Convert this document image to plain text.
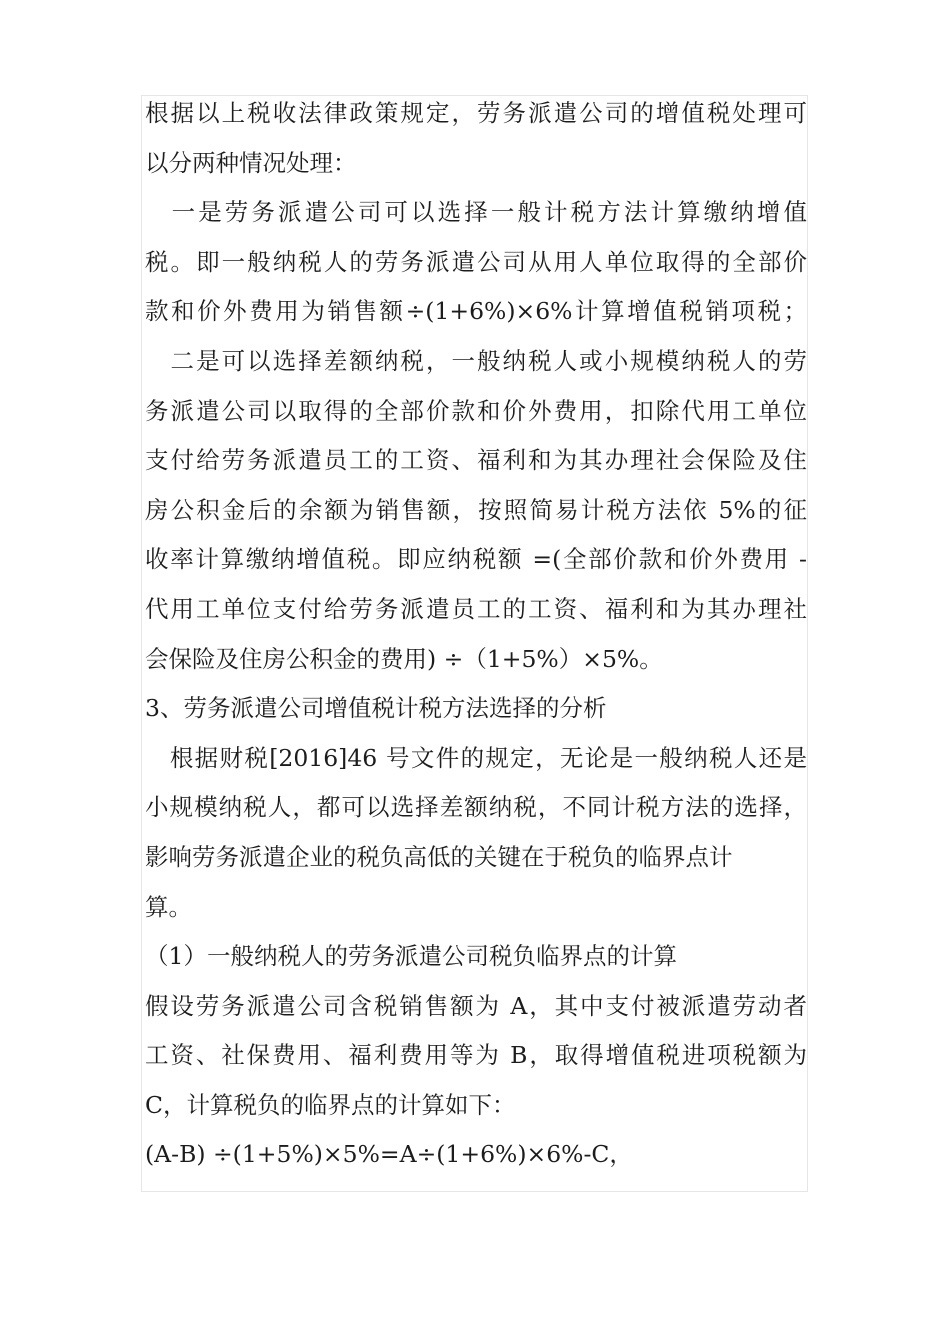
根据以上税收法律政策规定，劳务派遣公司的增值税处理可
以分两种情况处理：
　一是劳务派遣公司可以选择一般计税方法计算缴纳增值
税。即一般纳税人的劳务派遣公司从用人单位取得的全部价
款和价外费用为销售额÷(1+6%)×6%计算增值税销项税；
　二是可以选择差额纳税，一般纳税人或小规模纳税人的劳
务派遣公司以取得的全部价款和价外费用，扣除代用工单位
支付给劳务派遣员工的工资、福利和为其办理社会保险及住
房公积金后的余额为销售额，按照简易计税方法依 5%的征
收率计算缴纳增值税。即应纳税额 =(全部价款和价外费用 -
代用工单位支付给劳务派遣员工的工资、福利和为其办理社
会保险及住房公积金的费用) ÷（1+5%）×5%。
3、劳务派遣公司增值税计税方法选择的分析
　根据财税[2016]46 号文件的规定，无论是一般纳税人还是
小规模纳税人，都可以选择差额纳税，不同计税方法的选择，
影响劳务派遣企业的税负高低的关键在于税负的临界点计
算。
（1）一般纳税人的劳务派遣公司税负临界点的计算
假设劳务派遣公司含税销售额为 A，其中支付被派遣劳动者
工资、社保费用、福利费用等为 B，取得增值税进项税额为
C，计算税负的临界点的计算如下：
(A-B) ÷(1+5%)×5%=A÷(1+6%)×6%-C，
